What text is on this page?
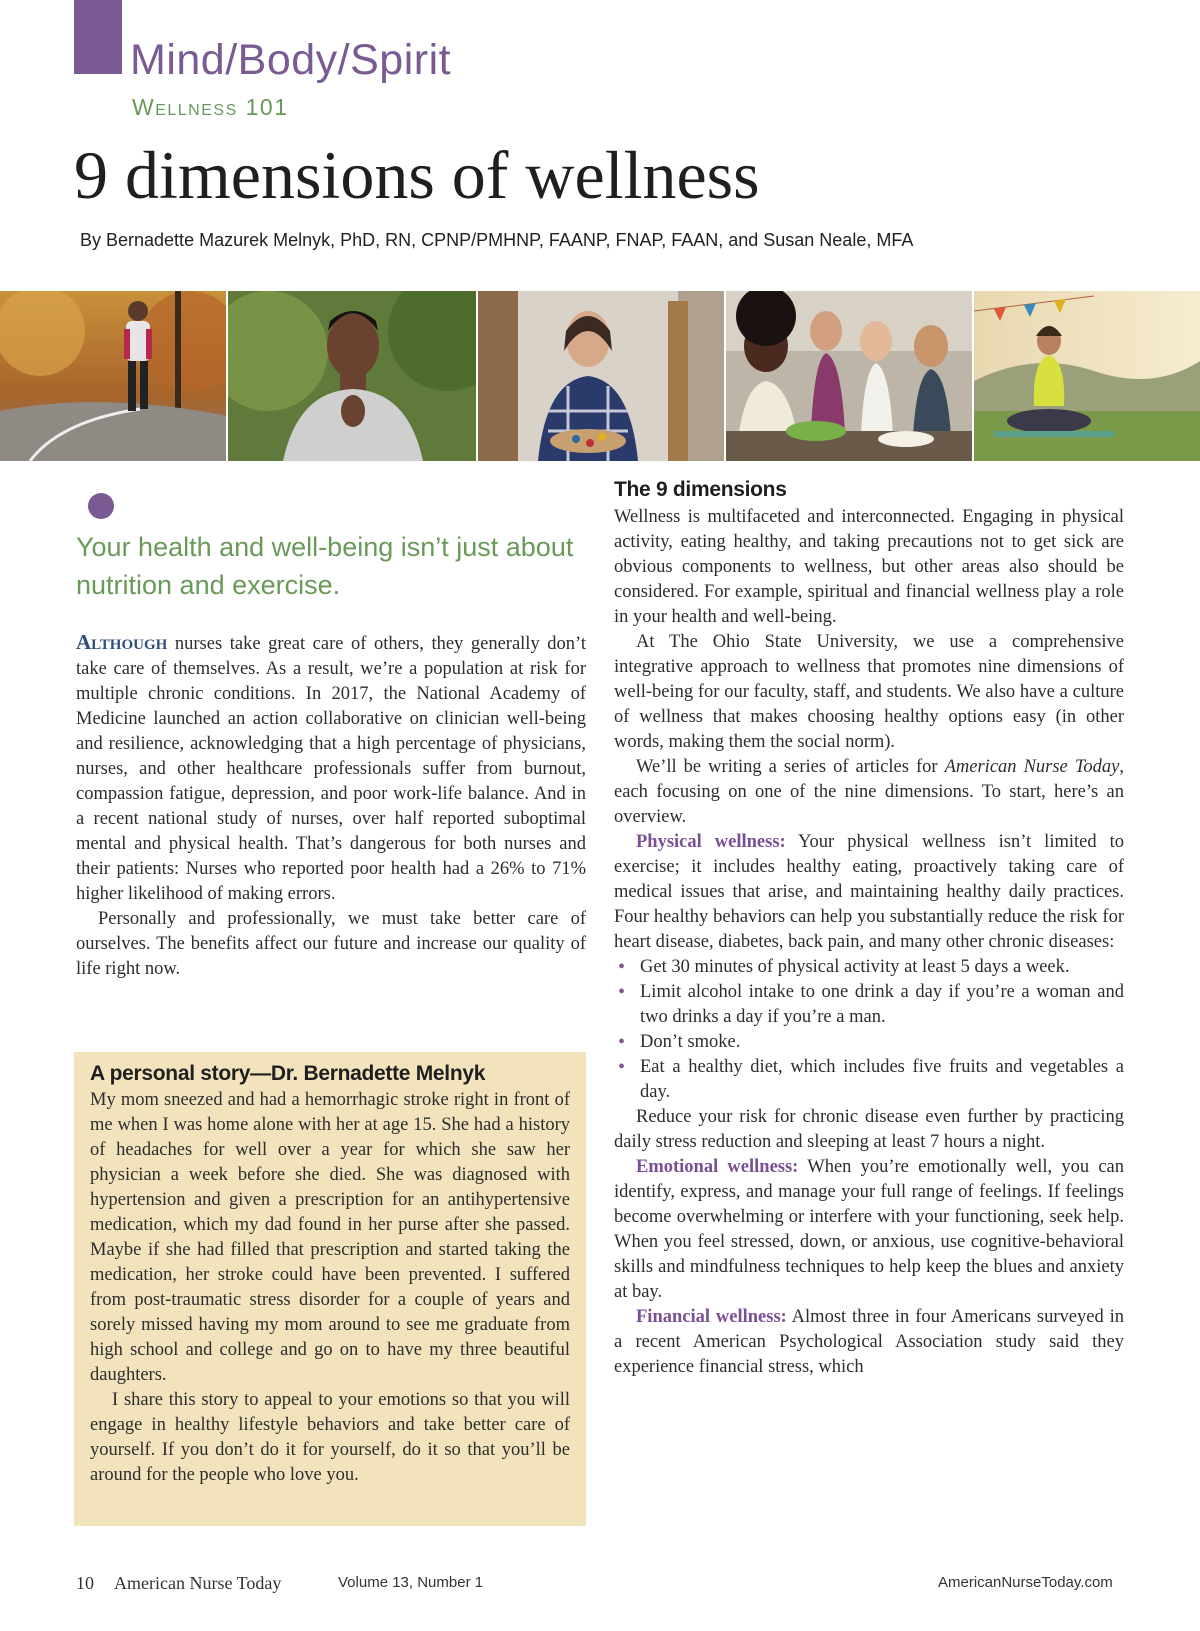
Mind/Body/Spirit
Wellness 101
9 dimensions of wellness
By Bernadette Mazurek Melnyk, PhD, RN, CPNP/PMHNP, FAANP, FNAP, FAAN, and Susan Neale, MFA
Your health and well-being isn’t just about nutrition and exercise.

Although nurses take great care of others, they generally don’t take care of themselves. As a result, we’re a population at risk for multiple chronic conditions. In 2017, the National Academy of Medicine launched an action collaborative on clinician well-being and resilience, acknowledging that a high percentage of physicians, nurses, and other healthcare professionals suffer from burnout, compassion fatigue, depression, and poor work-life balance. And in a recent national study of nurses, over half reported suboptimal mental and physical health. That’s dangerous for both nurses and their patients: Nurses who reported poor health had a 26% to 71% higher likelihood of making errors.

Personally and professionally, we must take better care of ourselves. The benefits affect our future and increase our quality of life right now.

A personal story—Dr. Bernadette Melnyk

My mom sneezed and had a hemorrhagic stroke right in front of me when I was home alone with her at age 15. She had a history of headaches for well over a year for which she saw her physician a week before she died. She was diagnosed with hypertension and given a prescription for an antihypertensive medication, which my dad found in her purse after she passed. Maybe if she had filled that prescription and started taking the medication, her stroke could have been prevented. I suffered from post-traumatic stress disorder for a couple of years and sorely missed having my mom around to see me graduate from high school and college and go on to have my three beautiful daughters.

I share this story to appeal to your emotions so that you will engage in healthy lifestyle behaviors and take better care of yourself. If you don’t do it for yourself, do it so that you’ll be around for the people who love you.

The 9 dimensions

Wellness is multifaceted and interconnected. Engaging in physical activity, eating healthy, and taking precautions not to get sick are obvious components to wellness, but other areas also should be considered. For example, spiritual and financial wellness play a role in your health and well-being.

At The Ohio State University, we use a comprehensive integrative approach to wellness that promotes nine dimensions of well-being for our faculty, staff, and students. We also have a culture of wellness that makes choosing healthy options easy (in other words, making them the social norm).

We’ll be writing a series of articles for American Nurse Today, each focusing on one of the nine dimensions. To start, here’s an overview.

Physical wellness: Your physical wellness isn’t limited to exercise; it includes healthy eating, proactively taking care of medical issues that arise, and maintaining healthy daily practices. Four healthy behaviors can help you substantially reduce the risk for heart disease, diabetes, back pain, and many other chronic diseases:

• Get 30 minutes of physical activity at least 5 days a week.
• Limit alcohol intake to one drink a day if you’re a woman and two drinks a day if you’re a man.
• Don’t smoke.
• Eat a healthy diet, which includes five fruits and vegetables a day.

Reduce your risk for chronic disease even further by practicing daily stress reduction and sleeping at least 7 hours a night.

Emotional wellness: When you’re emotionally well, you can identify, express, and manage your full range of feelings. If feelings become overwhelming or interfere with your functioning, seek help. When you feel stressed, down, or anxious, use cognitive-behavioral skills and mindfulness techniques to help keep the blues and anxiety at bay.

Financial wellness: Almost three in four Americans surveyed in a recent American Psychological Association study said they experience financial stress, which

10 American Nurse Today	Volume 13, Number 1	AmericanNurseToday.com
